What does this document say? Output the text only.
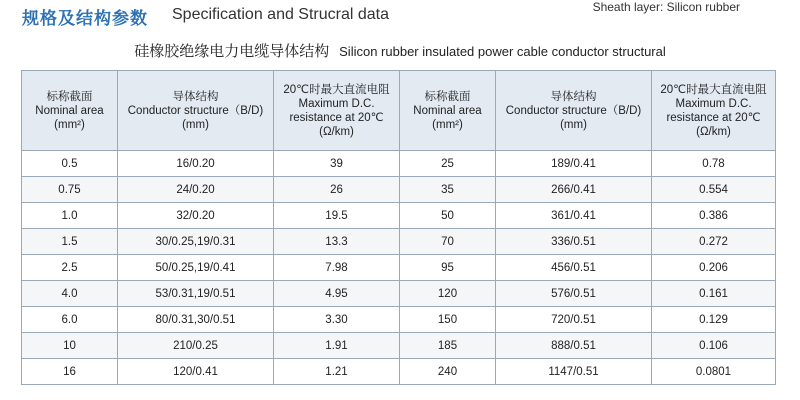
规格及结构参数 Specification and Strucral data	Sheath layer: Silicon rubber
硅橡胶绝缘电力电缆导体结构 Silicon rubber insulated power cable conductor structural
标称截面
Nominal area
(mm²)	导体结构
Conductor structure（B/D)
(mm)	20℃时最大直流电阻
Maximum D.C.
resistance at 20℃
(Ω/km)	标称截面
Nominal area
(mm²)	导体结构
Conductor structure（B/D)
(mm)	20℃时最大直流电阻
Maximum D.C.
resistance at 20℃
(Ω/km)

0.5	16/0.20	39	25	189/0.41	0.78
0.75	24/0.20	26	35	266/0.41	0.554
1.0	32/0.20	19.5	50	361/0.41	0.386
1.5	30/0.25,19/0.31	13.3	70	336/0.51	0.272
2.5	50/0.25,19/0.41	7.98	95	456/0.51	0.206
4.0	53/0.31,19/0.51	4.95	120	576/0.51	0.161
6.0	80/0.31,30/0.51	3.30	150	720/0.51	0.129
10	210/0.25	1.91	185	888/0.51	0.106
16	120/0.41	1.21	240	1147/0.51	0.0801
